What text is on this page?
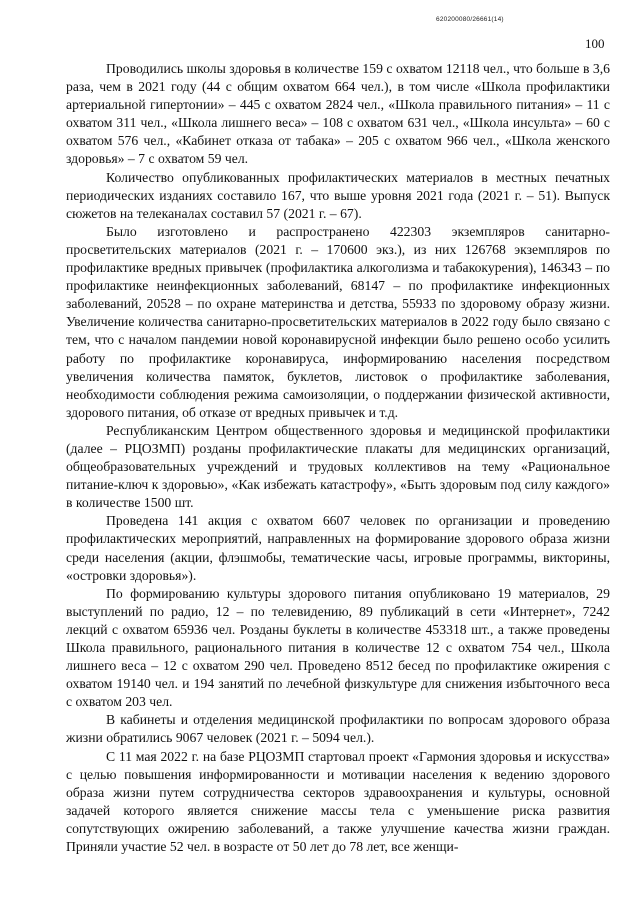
620200080/26661(14)
100

Проводились школы здоровья в количестве 159 с охватом 12118 чел., что больше в 3,6 раза, чем в 2021 году (44 с общим охватом 664 чел.), в том числе «Школа профилактики артериальной гипертонии» – 445 с охватом 2824 чел., «Школа правильного питания» – 11 с охватом 311 чел., «Школа лишнего веса» – 108 с охватом 631 чел., «Школа инсульта» – 60 с охватом 576 чел., «Кабинет отказа от табака» – 205 с охватом 966 чел., «Школа женского здоровья» – 7 с охватом 59 чел.

Количество опубликованных профилактических материалов в местных печатных периодических изданиях составило 167, что выше уровня 2021 года (2021 г. – 51). Выпуск сюжетов на телеканалах составил 57 (2021 г. – 67).

Было изготовлено и распространено 422303 экземпляров санитарно-просветительских материалов (2021 г. – 170600 экз.), из них 126768 экземпляров по профилактике вредных привычек (профилактика алкоголизма и табакокурения), 146343 – по профилактике неинфекционных заболеваний, 68147 – по профилактике инфекционных заболеваний, 20528 – по охране материнства и детства, 55933 по здоровому образу жизни. Увеличение количества санитарно-просветительских материалов в 2022 году было связано с тем, что с началом пандемии новой коронавирусной инфекции было решено особо усилить работу по профилактике коронавируса, информированию населения посредством увеличения количества памяток, буклетов, листовок о профилактике заболевания, необходимости соблюдения режима самоизоляции, о поддержании физической активности, здорового питания, об отказе от вредных привычек и т.д.

Республиканским Центром общественного здоровья и медицинской профилактики (далее – РЦОЗМП) розданы профилактические плакаты для медицинских организаций, общеобразовательных учреждений и трудовых коллективов на тему «Рациональное питание-ключ к здоровью», «Как избежать катастрофу», «Быть здоровым под силу каждого» в количестве 1500 шт.

Проведена 141 акция с охватом 6607 человек по организации и проведению профилактических мероприятий, направленных на формирование здорового образа жизни среди населения (акции, флэшмобы, тематические часы, игровые программы, викторины, «островки здоровья»).

По формированию культуры здорового питания опубликовано 19 материалов, 29 выступлений по радио, 12 – по телевидению, 89 публикаций в сети «Интернет», 7242 лекций с охватом 65936 чел. Розданы буклеты в количестве 453318 шт., а также проведены Школа правильного, рационального питания в количестве 12 с охватом 754 чел., Школа лишнего веса – 12 с охватом 290 чел. Проведено 8512 бесед по профилактике ожирения с охватом 19140 чел. и 194 занятий по лечебной физкультуре для снижения избыточного веса с охватом 203 чел.

В кабинеты и отделения медицинской профилактики по вопросам здорового образа жизни обратились 9067 человек (2021 г. – 5094 чел.).

С 11 мая 2022 г. на базе РЦОЗМП стартовал проект «Гармония здоровья и искусства» с целью повышения информированности и мотивации населения к ведению здорового образа жизни путем сотрудничества секторов здравоохранения и культуры, основной задачей которого является снижение массы тела с уменьшение риска развития сопутствующих ожирению заболеваний, а также улучшение качества жизни граждан. Приняли участие 52 чел. в возрасте от 50 лет до 78 лет, все женщи-
